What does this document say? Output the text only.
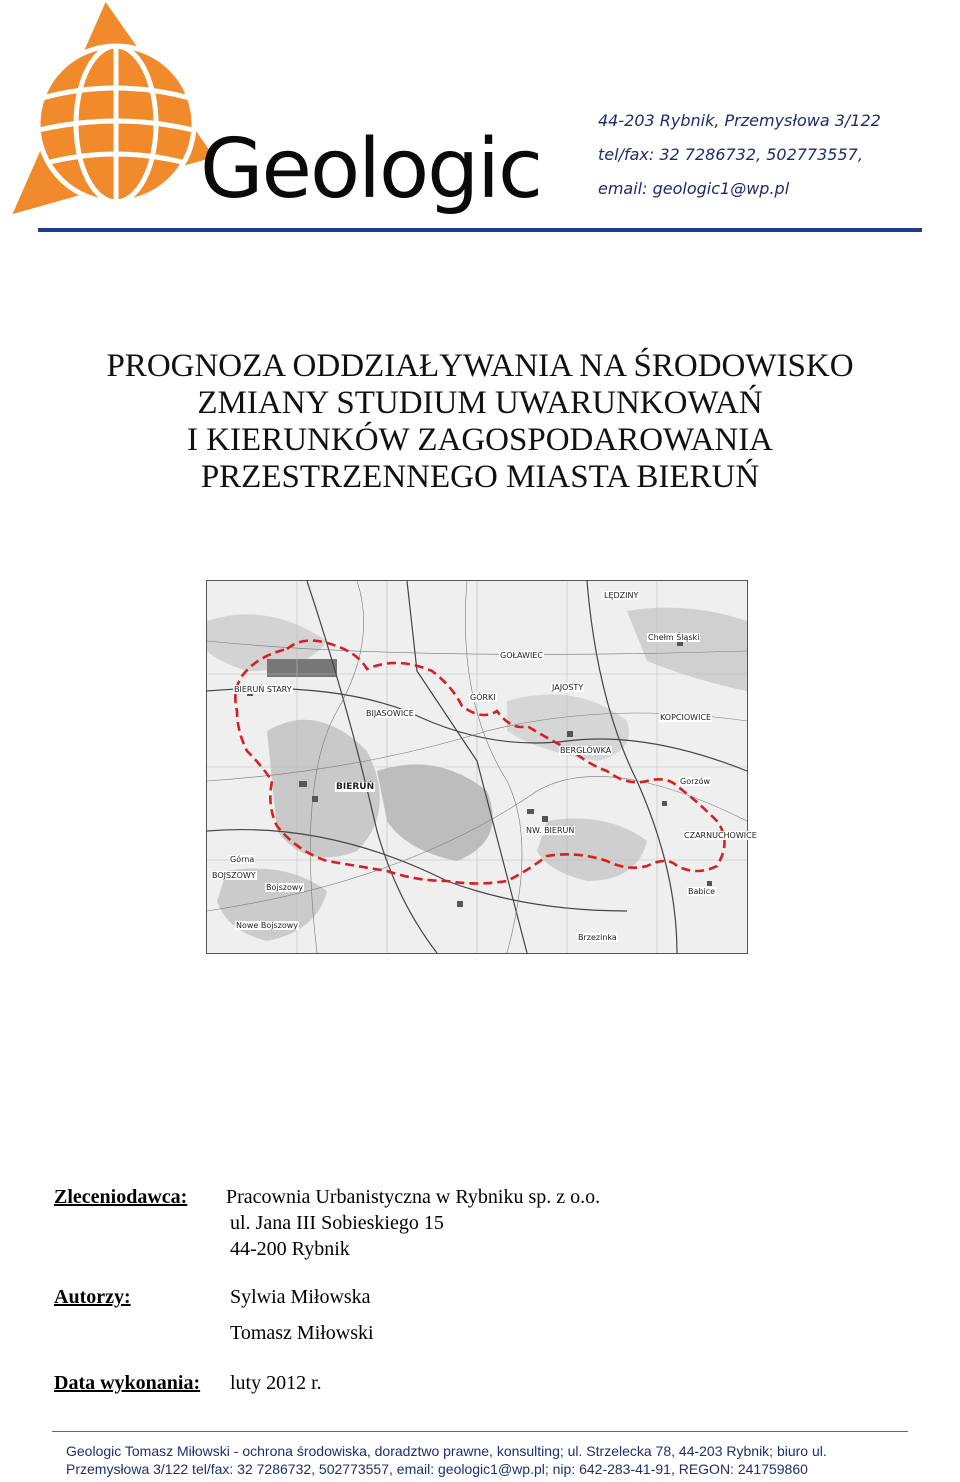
Geologic
44-203 Rybnik, Przemysłowa 3/122
tel/fax: 32 7286732, 502773557,
email: geologic1@wp.pl
PROGNOZA ODDZIAŁYWANIA NA ŚRODOWISKO
ZMIANY STUDIUM UWARUNKOWAŃ
I KIERUNKÓW ZAGOSPODAROWANIA
PRZESTRZENNEGO MIASTA BIERUŃ
BIERUŃ STARY
BIERUŃ
NW. BIERUŃ
Gorzów
Chełm Śląski
Bojszowy
Nowe Bojszowy
Babice
Brzezinka
GÓRKI
GOŁAWIEC
KOPCIOWICE
CZARNUCHOWICE
JAJOSTY
BIJASOWICE
BERGLÓWKA
LĘDZINY
Górna
BOJSZOWY
Zleceniodawca: Pracownia Urbanistyczna w Rybniku sp. z o.o.
ul. Jana III Sobieskiego 15
44-200 Rybnik
Autorzy:	Sylwia Miłowska
Tomasz Miłowski
Data wykonania: luty 2012 r.
Geologic Tomasz Miłowski - ochrona środowiska, doradztwo prawne, konsulting; ul. Strzelecka 78, 44-203 Rybnik; biuro ul.
Przemysłowa 3/122 tel/fax: 32 7286732, 502773557, email: geologic1@wp.pl; nip: 642-283-41-91, REGON: 241759860
